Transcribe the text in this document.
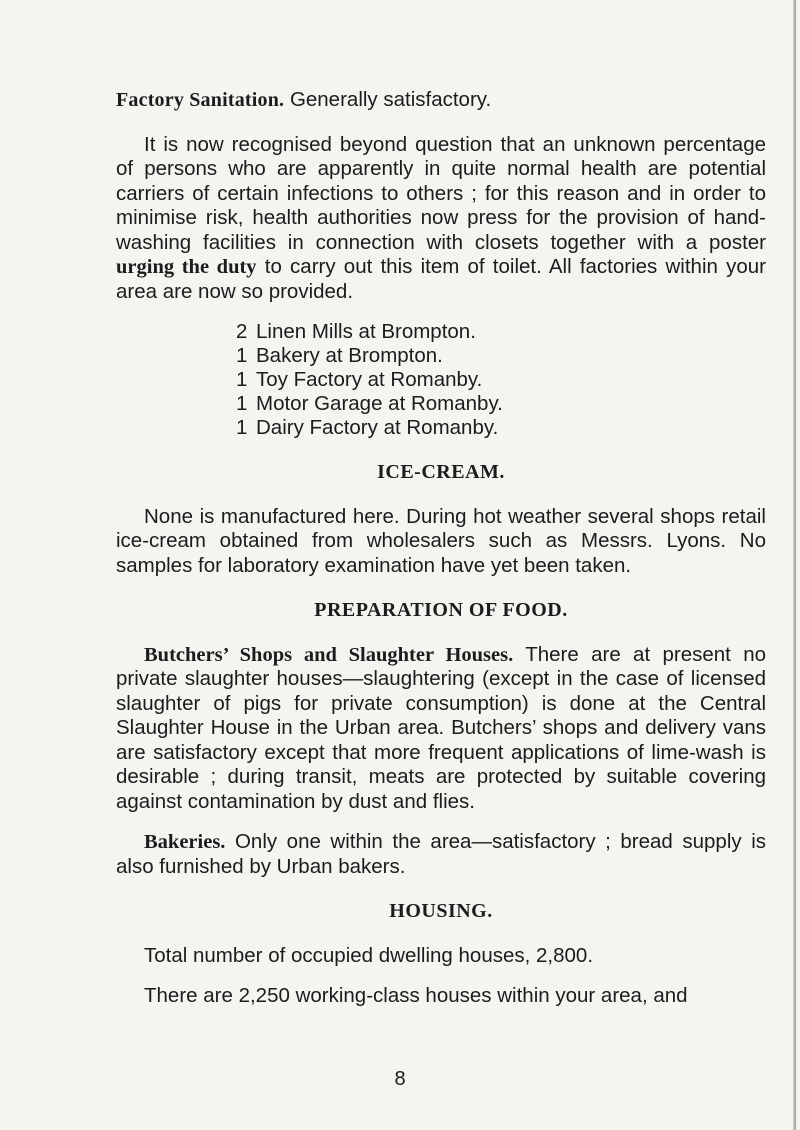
Factory Sanitation. Generally satisfactory.

It is now recognised beyond question that an unknown percentage of persons who are apparently in quite normal health are potential carriers of certain infections to others ; for this reason and in order to minimise risk, health authorities now press for the provision of hand-washing facilities in connection with closets together with a poster urging the duty to carry out this item of toilet. All factories within your area are now so provided.

2 Linen Mills at Brompton.
1 Bakery at Brompton.
1 Toy Factory at Romanby.
1 Motor Garage at Romanby.
1 Dairy Factory at Romanby.
ICE-CREAM.

None is manufactured here. During hot weather several shops retail ice-cream obtained from wholesalers such as Messrs. Lyons. No samples for laboratory examination have yet been taken.

PREPARATION OF FOOD.

Butchers’ Shops and Slaughter Houses. There are at present no private slaughter houses—slaughtering (except in the case of licensed slaughter of pigs for private consumption) is done at the Central Slaughter House in the Urban area. Butchers’ shops and delivery vans are satisfactory except that more frequent applications of lime-wash is desirable ; during transit, meats are protected by suitable covering against contamination by dust and flies.

Bakeries. Only one within the area—satisfactory ; bread supply is also furnished by Urban bakers.

HOUSING.

Total number of occupied dwelling houses, 2,800.

There are 2,250 working-class houses within your area, and

8
